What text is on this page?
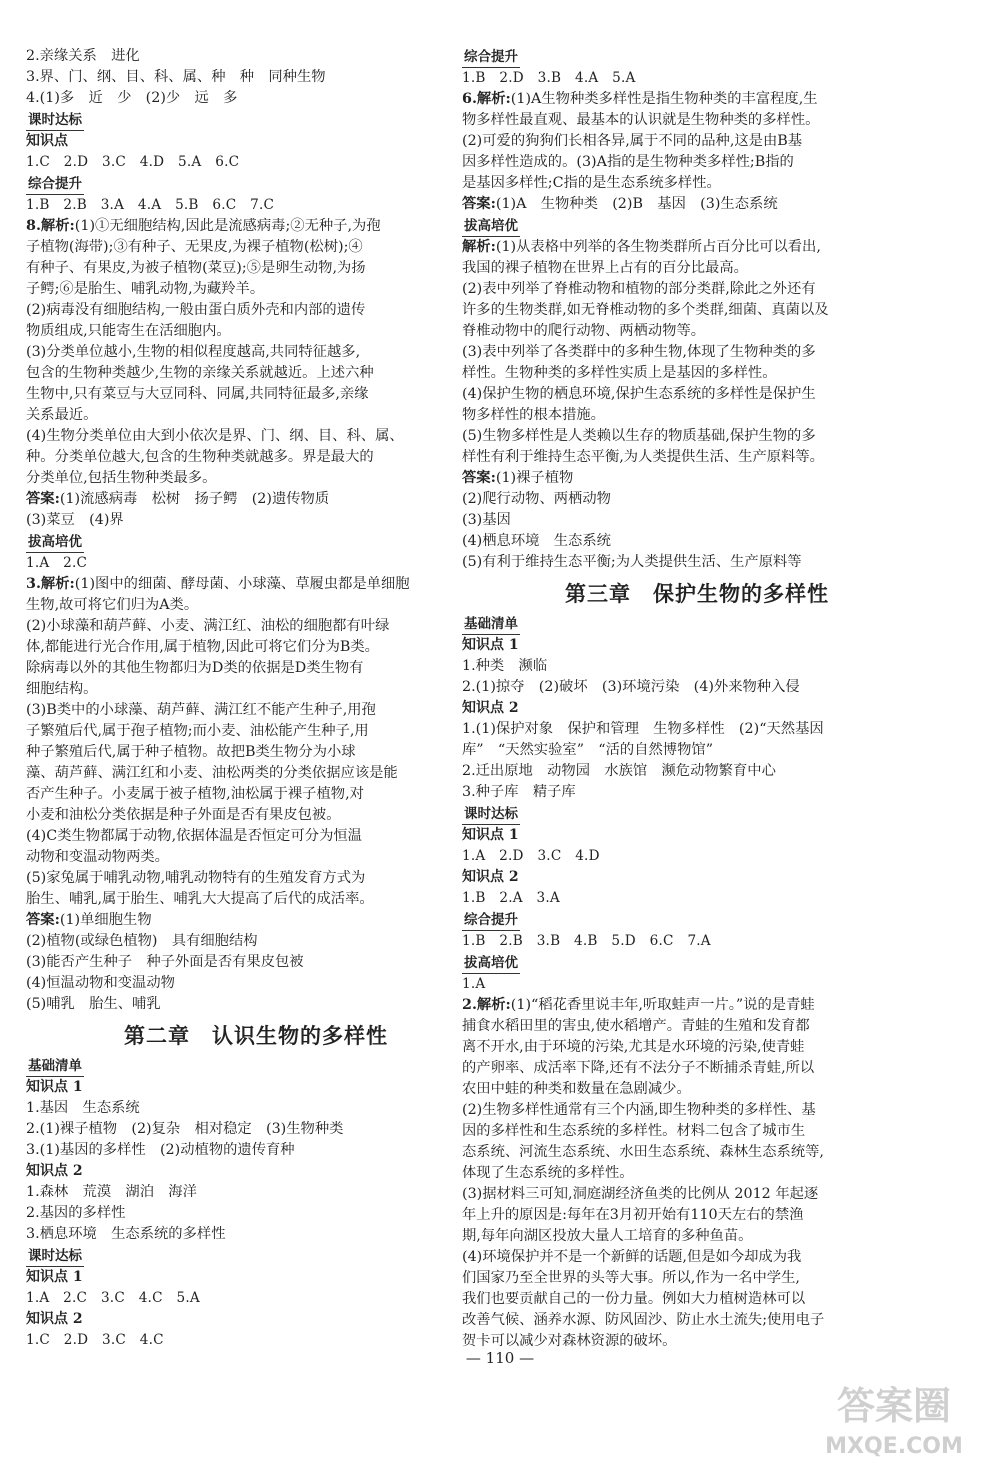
2.亲缘关系　进化

3.界、门、纲、目、科、属、种　种　同种生物

4.(1)多　近　少　(2)少　远　多

课时达标

知识点

1.C　2.D　3.C　4.D　5.A　6.C

综合提升

1.B　2.B　3.A　4.A　5.B　6.C　7.C

8.解析:(1)①无细胞结构,因此是流感病毒;②无种子,为孢

子植物(海带);③有种子、无果皮,为裸子植物(松树);④

有种子、有果皮,为被子植物(菜豆);⑤是卵生动物,为扬

子鳄;⑥是胎生、哺乳动物,为藏羚羊。

(2)病毒没有细胞结构,一般由蛋白质外壳和内部的遗传

物质组成,只能寄生在活细胞内。

(3)分类单位越小,生物的相似程度越高,共同特征越多,

包含的生物种类越少,生物的亲缘关系就越近。上述六种

生物中,只有菜豆与大豆同科、同属,共同特征最多,亲缘

关系最近。

(4)生物分类单位由大到小依次是界、门、纲、目、科、属、

种。分类单位越大,包含的生物种类就越多。界是最大的

分类单位,包括生物种类最多。

答案:(1)流感病毒　松树　扬子鳄　(2)遗传物质

(3)菜豆　(4)界

拔高培优

1.A　2.C

3.解析:(1)图中的细菌、酵母菌、小球藻、草履虫都是单细胞

生物,故可将它们归为A类。

(2)小球藻和葫芦藓、小麦、满江红、油松的细胞都有叶绿

体,都能进行光合作用,属于植物,因此可将它们分为B类。

除病毒以外的其他生物都归为D类的依据是D类生物有

细胞结构。

(3)B类中的小球藻、葫芦藓、满江红不能产生种子,用孢

子繁殖后代,属于孢子植物;而小麦、油松能产生种子,用

种子繁殖后代,属于种子植物。故把B类生物分为小球

藻、葫芦藓、满江红和小麦、油松两类的分类依据应该是能

否产生种子。小麦属于被子植物,油松属于裸子植物,对

小麦和油松分类依据是种子外面是否有果皮包被。

(4)C类生物都属于动物,依据体温是否恒定可分为恒温

动物和变温动物两类。

(5)家兔属于哺乳动物,哺乳动物特有的生殖发育方式为

胎生、哺乳,属于胎生、哺乳大大提高了后代的成活率。

答案:(1)单细胞生物

(2)植物(或绿色植物)　具有细胞结构

(3)能否产生种子　种子外面是否有果皮包被

(4)恒温动物和变温动物

(5)哺乳　胎生、哺乳

第二章　认识生物的多样性
基础清单

知识点 1

1.基因　生态系统

2.(1)裸子植物　(2)复杂　相对稳定　(3)生物种类

3.(1)基因的多样性　(2)动植物的遗传育种

知识点 2

1.森林　荒漠　湖泊　海洋

2.基因的多样性

3.栖息环境　生态系统的多样性

课时达标

知识点 1

1.A　2.C　3.C　4.C　5.A

知识点 2

1.C　2.D　3.C　4.C

综合提升

1.B　2.D　3.B　4.A　5.A

6.解析:(1)A生物种类多样性是指生物种类的丰富程度,生

物多样性最直观、最基本的认识就是生物种类的多样性。

(2)可爱的狗狗们长相各异,属于不同的品种,这是由B基

因多样性造成的。(3)A指的是生物种类多样性;B指的

是基因多样性;C指的是生态系统多样性。

答案:(1)A　生物种类　(2)B　基因　(3)生态系统

拔高培优

解析:(1)从表格中列举的各生物类群所占百分比可以看出,

我国的裸子植物在世界上占有的百分比最高。

(2)表中列举了脊椎动物和植物的部分类群,除此之外还有

许多的生物类群,如无脊椎动物的多个类群,细菌、真菌以及

脊椎动物中的爬行动物、两栖动物等。

(3)表中列举了各类群中的多种生物,体现了生物种类的多

样性。生物种类的多样性实质上是基因的多样性。

(4)保护生物的栖息环境,保护生态系统的多样性是保护生

物多样性的根本措施。

(5)生物多样性是人类赖以生存的物质基础,保护生物的多

样性有利于维持生态平衡,为人类提供生活、生产原料等。

答案:(1)裸子植物

(2)爬行动物、两栖动物

(3)基因

(4)栖息环境　生态系统

(5)有利于维持生态平衡;为人类提供生活、生产原料等

第三章　保护生物的多样性
基础清单

知识点 1

1.种类　濒临

2.(1)掠夺　(2)破坏　(3)环境污染　(4)外来物种入侵

知识点 2

1.(1)保护对象　保护和管理　生物多样性　(2)“天然基因

库”　“天然实验室”　“活的自然博物馆”

2.迁出原地　动物园　水族馆　濒危动物繁育中心

3.种子库　精子库

课时达标

知识点 1

1.A　2.D　3.C　4.D

知识点 2

1.B　2.A　3.A

综合提升

1.B　2.B　3.B　4.B　5.D　6.C　7.A

拔高培优

1.A

2.解析:(1)“稻花香里说丰年,听取蛙声一片。”说的是青蛙

捕食水稻田里的害虫,使水稻增产。青蛙的生殖和发育都

离不开水,由于环境的污染,尤其是水环境的污染,使青蛙

的产卵率、成活率下降,还有不法分子不断捕杀青蛙,所以

农田中蛙的种类和数量在急剧减少。

(2)生物多样性通常有三个内涵,即生物种类的多样性、基

因的多样性和生态系统的多样性。材料二包含了城市生

态系统、河流生态系统、水田生态系统、森林生态系统等,

体现了生态系统的多样性。

(3)据材料三可知,洞庭湖经济鱼类的比例从 2012 年起逐

年上升的原因是:每年在3月初开始有110天左右的禁渔

期,每年向湖区投放大量人工培育的多种鱼苗。

(4)环境保护并不是一个新鲜的话题,但是如今却成为我

们国家乃至全世界的头等大事。所以,作为一名中学生,

我们也要贡献自己的一份力量。例如大力植树造林可以

改善气候、涵养水源、防风固沙、防止水土流失;使用电子

贺卡可以减少对森林资源的破坏。

— 110 —
答案圈
MXQE.COM
